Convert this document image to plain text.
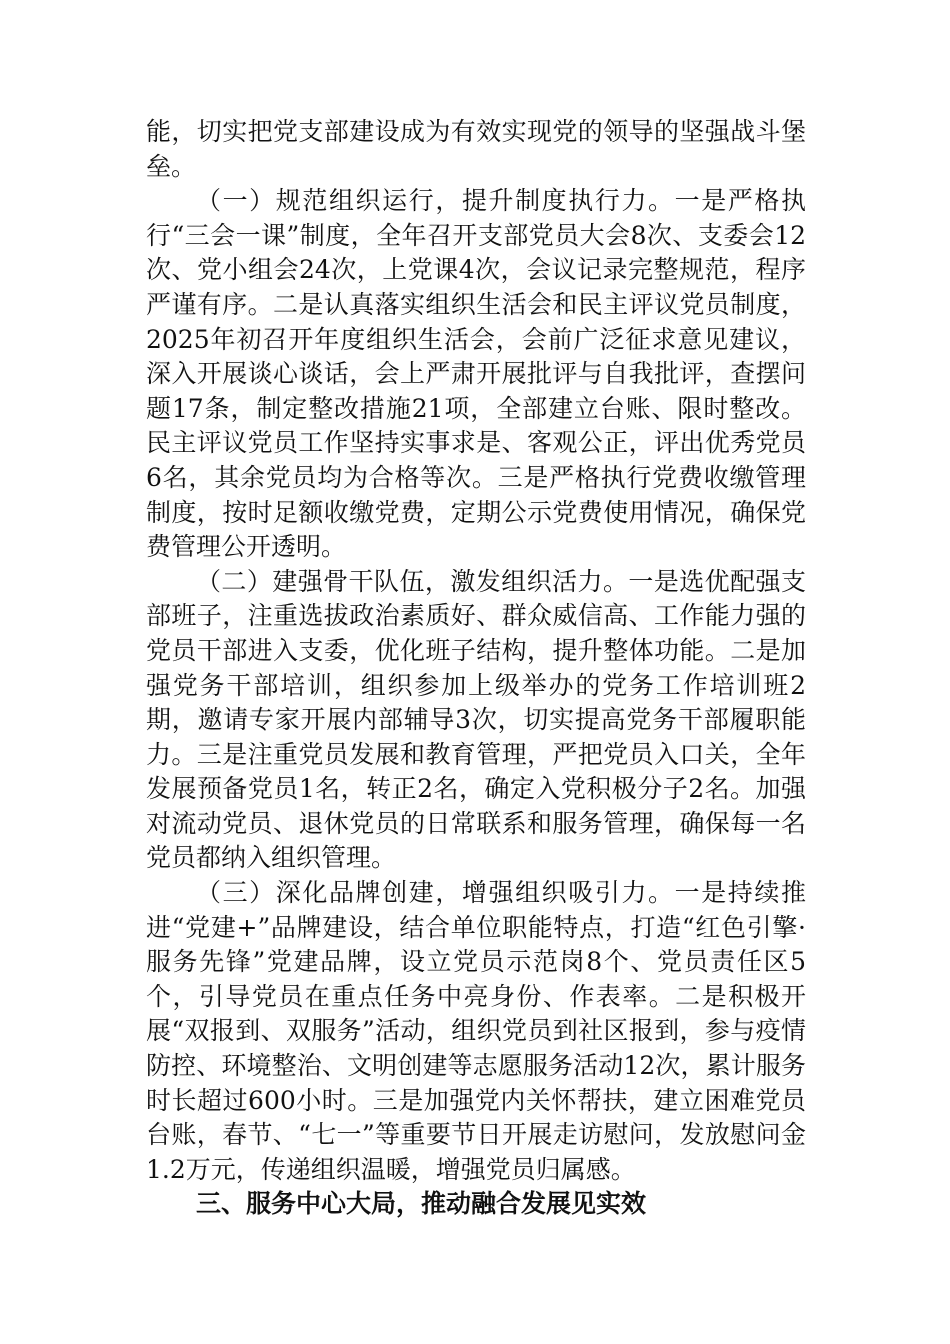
能，切实把党支部建设成为有效实现党的领导的坚强战斗堡垒。

（一）规范组织运行，提升制度执行力。一是严格执行“三会一课”制度，全年召开支部党员大会8次、支委会12次、党小组会24次，上党课4次，会议记录完整规范，程序严谨有序。二是认真落实组织生活会和民主评议党员制度，2025年初召开年度组织生活会，会前广泛征求意见建议，深入开展谈心谈话，会上严肃开展批评与自我批评，查摆问题17条，制定整改措施21项，全部建立台账、限时整改。民主评议党员工作坚持实事求是、客观公正，评出优秀党员6名，其余党员均为合格等次。三是严格执行党费收缴管理制度，按时足额收缴党费，定期公示党费使用情况，确保党费管理公开透明。

（二）建强骨干队伍，激发组织活力。一是选优配强支部班子，注重选拔政治素质好、群众威信高、工作能力强的党员干部进入支委，优化班子结构，提升整体功能。二是加强党务干部培训，组织参加上级举办的党务工作培训班2期，邀请专家开展内部辅导3次，切实提高党务干部履职能力。三是注重党员发展和教育管理，严把党员入口关，全年发展预备党员1名，转正2名，确定入党积极分子2名。加强对流动党员、退休党员的日常联系和服务管理，确保每一名党员都纳入组织管理。

（三）深化品牌创建，增强组织吸引力。一是持续推进“党建+”品牌建设，结合单位职能特点，打造“红色引擎·服务先锋”党建品牌，设立党员示范岗8个、党员责任区5个，引导党员在重点任务中亮身份、作表率。二是积极开展“双报到、双服务”活动，组织党员到社区报到，参与疫情防控、环境整治、文明创建等志愿服务活动12次，累计服务时长超过600小时。三是加强党内关怀帮扶，建立困难党员台账，春节、“七一”等重要节日开展走访慰问，发放慰问金1.2万元，传递组织温暖，增强党员归属感。

三、服务中心大局，推动融合发展见实效
